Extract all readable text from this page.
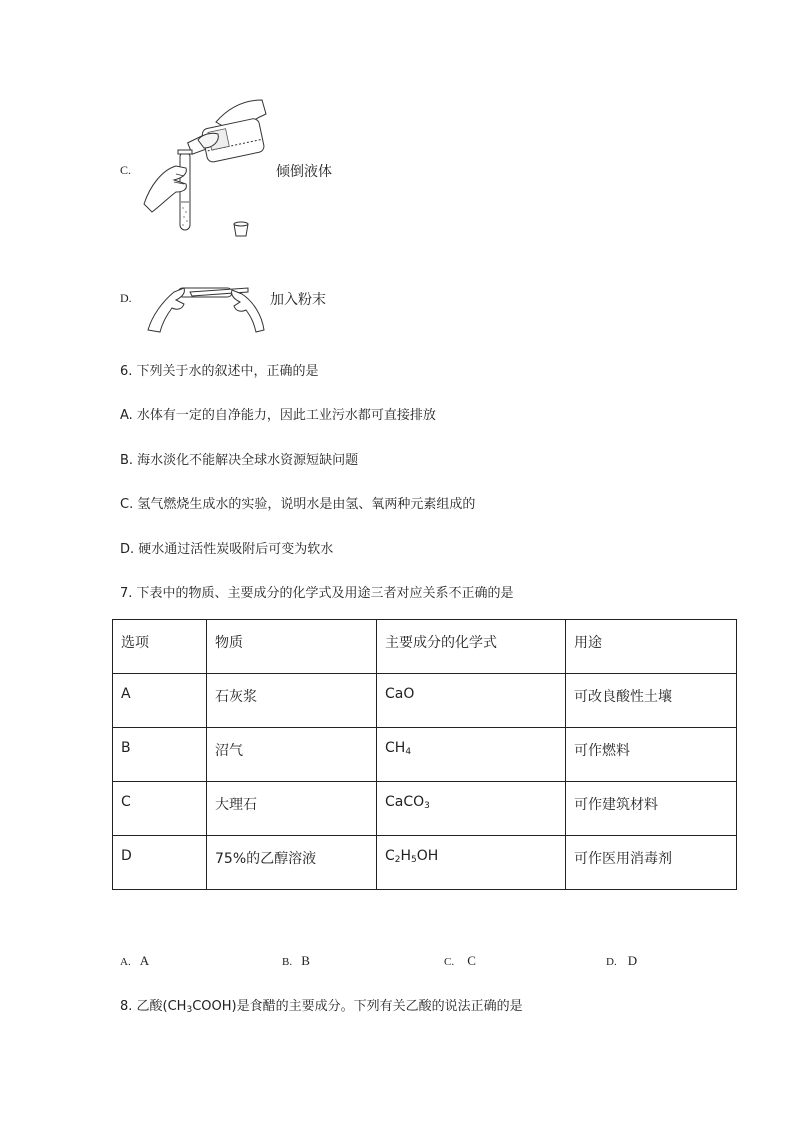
C.	倾倒液体
D.	加入粉末
6. 下列关于水的叙述中，正确的是
A. 水体有一定的自净能力，因此工业污水都可直接排放
B. 海水淡化不能解决全球水资源短缺问题
C. 氢气燃烧生成水的实验，说明水是由氢、氧两种元素组成的
D. 硬水通过活性炭吸附后可变为软水
7. 下表中的物质、主要成分的化学式及用途三者对应关系不正确的是
选项	物质	主要成分的化学式	用途
A	石灰浆	CaO	可改良酸性土壤
B	沼气	$CH_4$	可作燃料
C	大理石	CaCO$_3$	可作建筑材料
D	75%的乙醇溶液	$C_2H_5OH$	可作医用消毒剂
A. A	B. B	C. C	D. D
8. 乙酸$(CH_3COOH)$是食醋的主要成分。下列有关乙酸的说法正确的是
